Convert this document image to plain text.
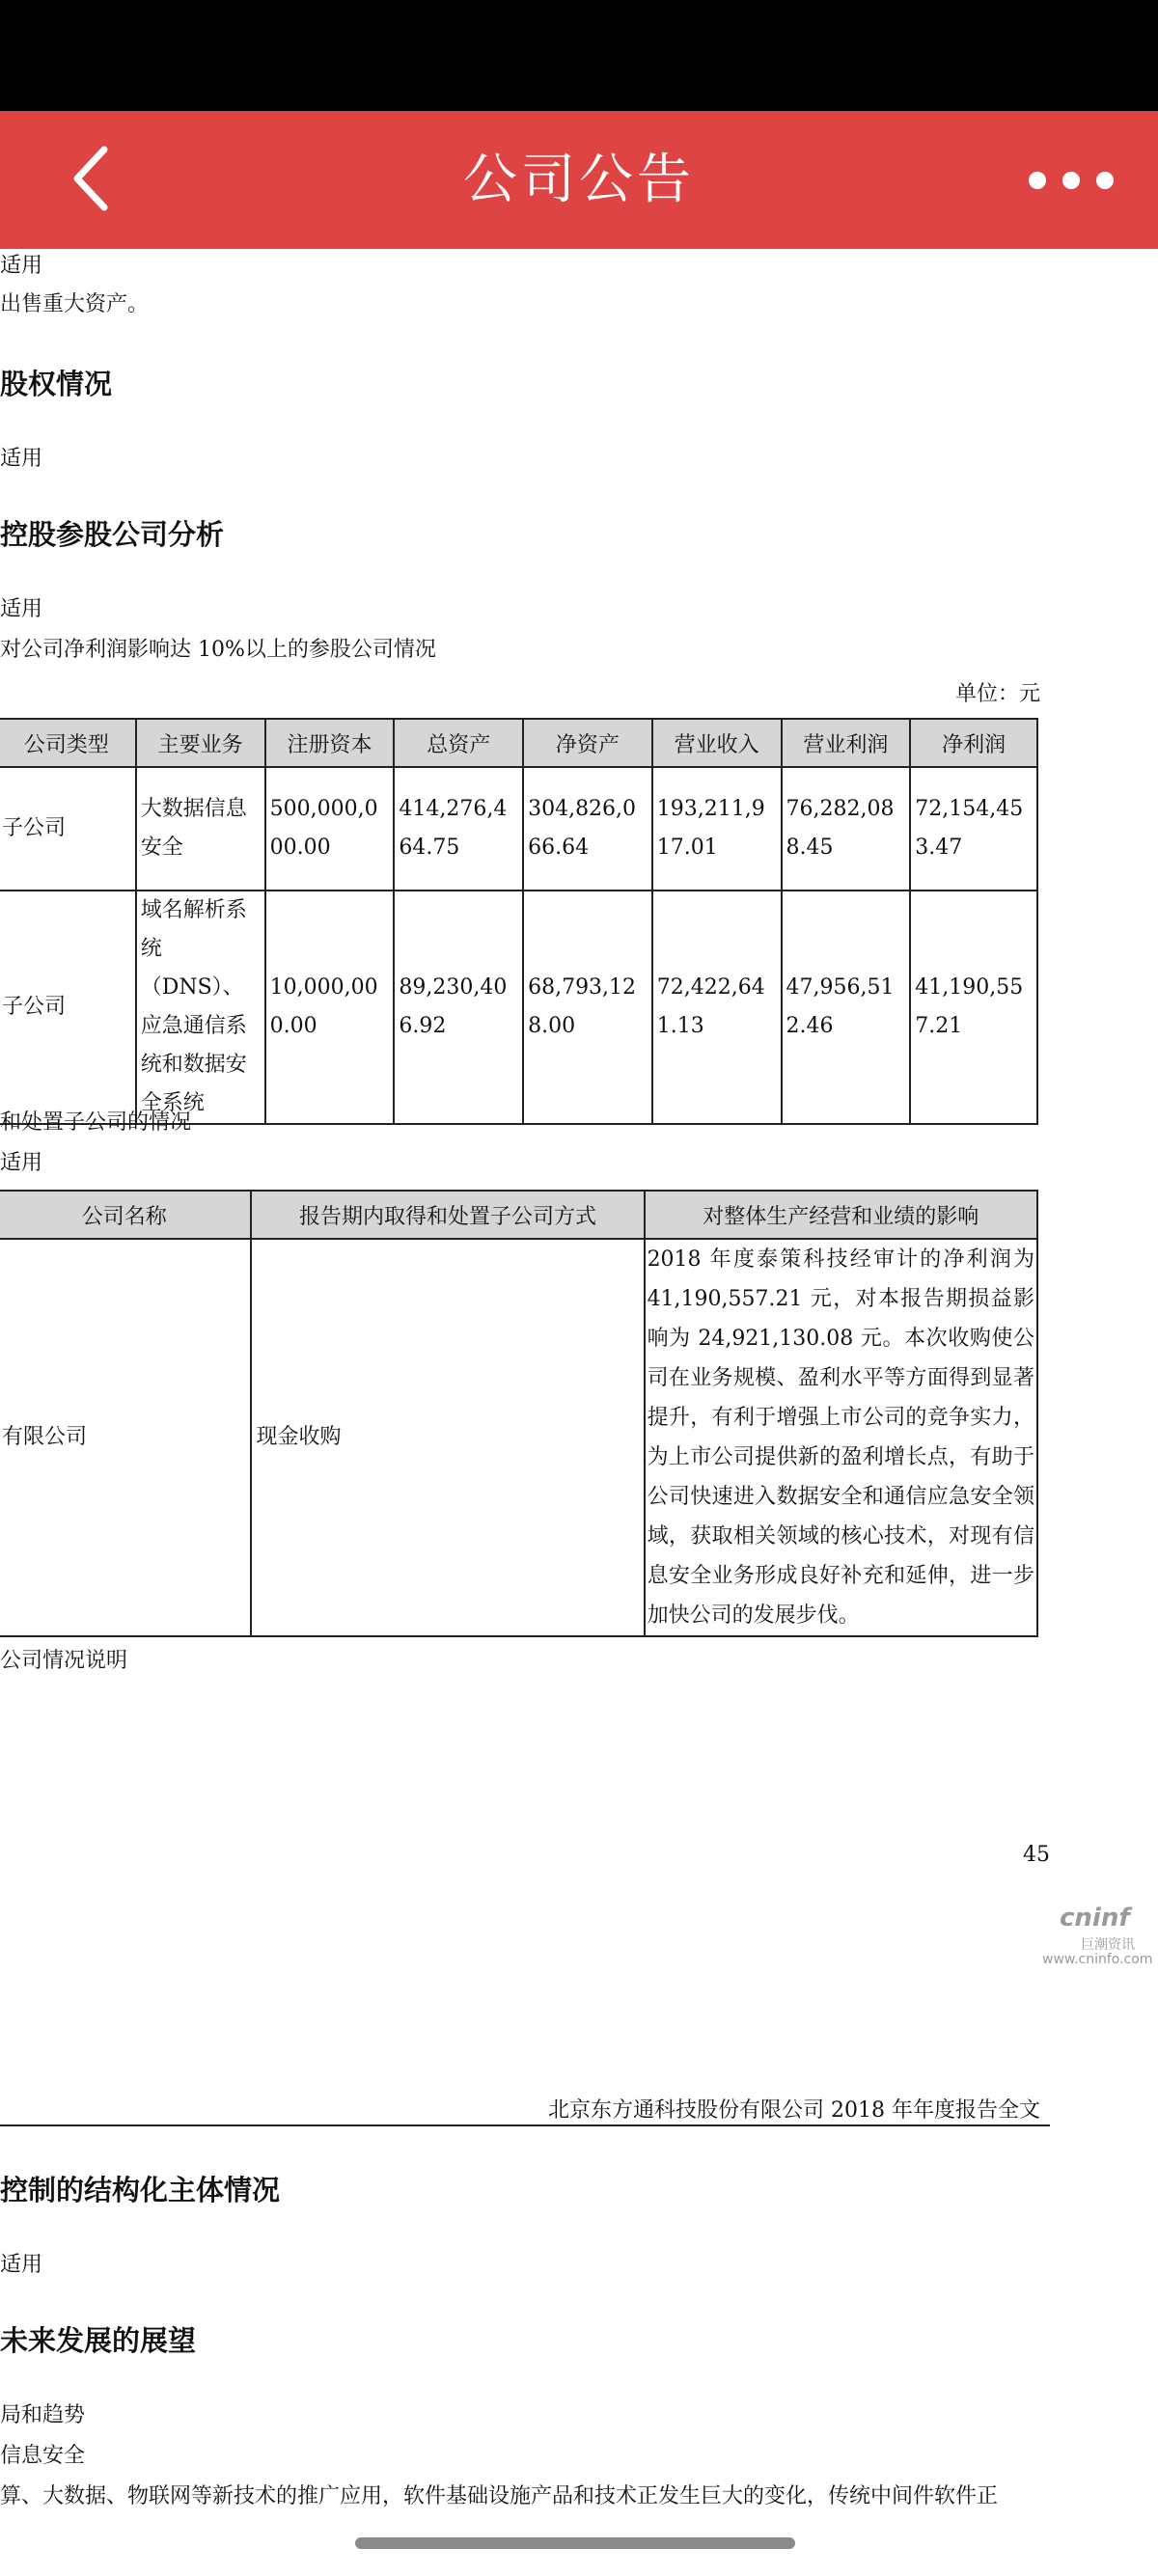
公司公告
适用
出售重大资产。
股权情况
适用
控股参股公司分析
适用
对公司净利润影响达 10%以上的参股公司情况
单位：元
公司类型	主要业务	注册资本	总资产	净资产	营业收入	营业利润	净利润
子公司	大数据信息安全	500,000,000.00	414,276,464.75	304,826,066.64	193,211,917.01	76,282,088.45	72,154,453.47
子公司	域名解析系统（DNS）、应急通信系统和数据安全系统	10,000,000.00	89,230,406.92	68,793,128.00	72,422,641.13	47,956,512.46	41,190,557.21
和处置子公司的情况
适用
公司名称	报告期内取得和处置子公司方式	对整体生产经营和业绩的影响
有限公司	现金收购	2018 年度泰策科技经审计的净利润为41,190,557.21 元，对本报告期损益影响为 24,921,130.08 元。本次收购使公司在业务规模、盈利水平等方面得到显著提升，有利于增强上市公司的竞争实力，为上市公司提供新的盈利增长点，有助于公司快速进入数据安全和通信应急安全领域，获取相关领域的核心技术，对现有信息安全业务形成良好补充和延伸，进一步加快公司的发展步伐。
公司情况说明
45
cninf
巨潮资讯
www.cninfo.com
北京东方通科技股份有限公司 2018 年年度报告全文
控制的结构化主体情况
适用
未来发展的展望
局和趋势
信息安全
算、大数据、物联网等新技术的推广应用，软件基础设施产品和技术正发生巨大的变化，传统中间件软件正
